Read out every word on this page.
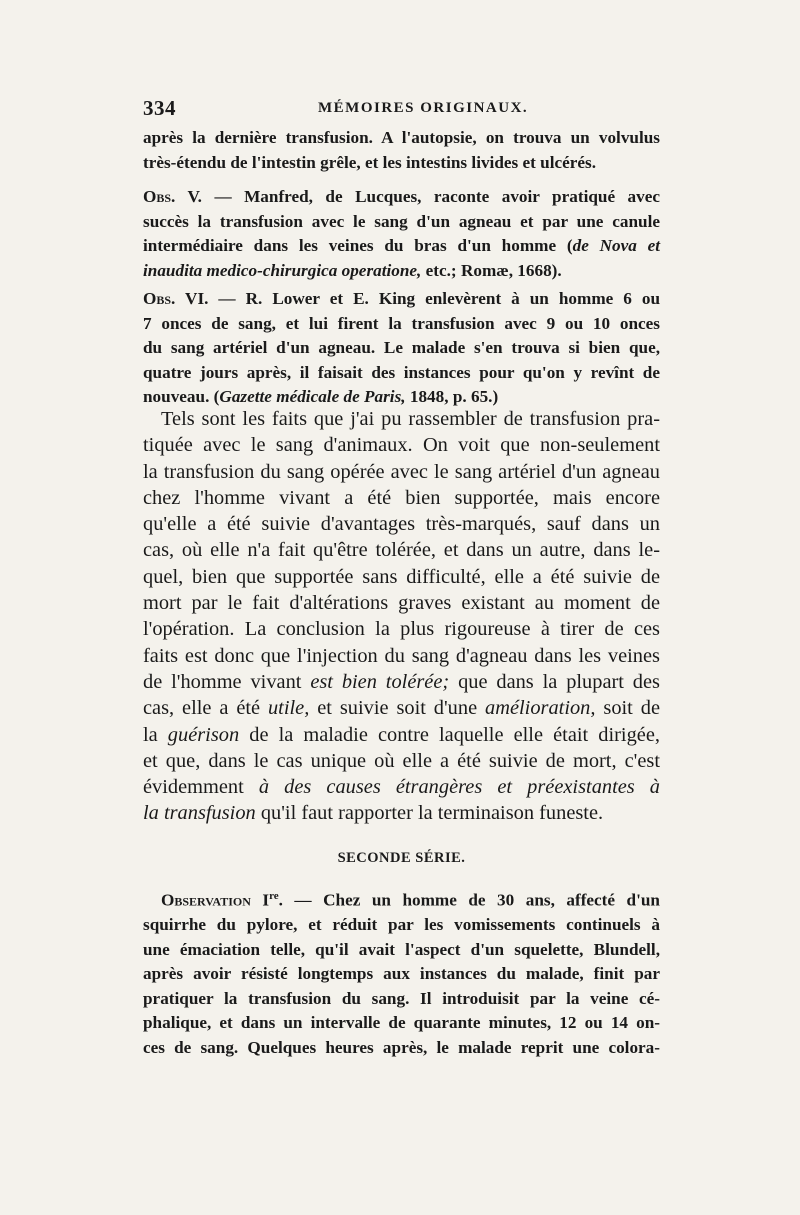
334	MÉMOIRES ORIGINAUX.
après la dernière transfusion. A l'autopsie, on trouva un volvulus
très-étendu de l'intestin grêle, et les intestins livides et ulcérés.
Obs. V. — Manfred, de Lucques, raconte avoir pratiqué avec
succès la transfusion avec le sang d'un agneau et par une canule
intermédiaire dans les veines du bras d'un homme (de Nova et
inaudita medico-chirurgica operatione, etc.; Romæ, 1668).
Obs. VI. — R. Lower et E. King enlevèrent à un homme 6 ou
7 onces de sang, et lui firent la transfusion avec 9 ou 10 onces
du sang artériel d'un agneau. Le malade s'en trouva si bien que,
quatre jours après, il faisait des instances pour qu'on y revînt de
nouveau. (Gazette médicale de Paris, 1848, p. 65.)
Tels sont les faits que j'ai pu rassembler de transfusion pra-
tiquée avec le sang d'animaux. On voit que non-seulement
la transfusion du sang opérée avec le sang artériel d'un agneau
chez l'homme vivant a été bien supportée, mais encore
qu'elle a été suivie d'avantages très-marqués, sauf dans un
cas, où elle n'a fait qu'être tolérée, et dans un autre, dans le-
quel, bien que supportée sans difficulté, elle a été suivie de
mort par le fait d'altérations graves existant au moment de
l'opération. La conclusion la plus rigoureuse à tirer de ces
faits est donc que l'injection du sang d'agneau dans les veines
de l'homme vivant est bien tolérée; que dans la plupart des
cas, elle a été utile, et suivie soit d'une amélioration, soit de
la guérison de la maladie contre laquelle elle était dirigée,
et que, dans le cas unique où elle a été suivie de mort, c'est
évidemment à des causes étrangères et préexistantes à
la transfusion qu'il faut rapporter la terminaison funeste.
SECONDE SÉRIE.
Observation Ire. — Chez un homme de 30 ans, affecté d'un
squirrhe du pylore, et réduit par les vomissements continuels à
une émaciation telle, qu'il avait l'aspect d'un squelette, Blundell,
après avoir résisté longtemps aux instances du malade, finit par
pratiquer la transfusion du sang. Il introduisit par la veine cé-
phalique, et dans un intervalle de quarante minutes, 12 ou 14 on-
ces de sang. Quelques heures après, le malade reprit une colora-
